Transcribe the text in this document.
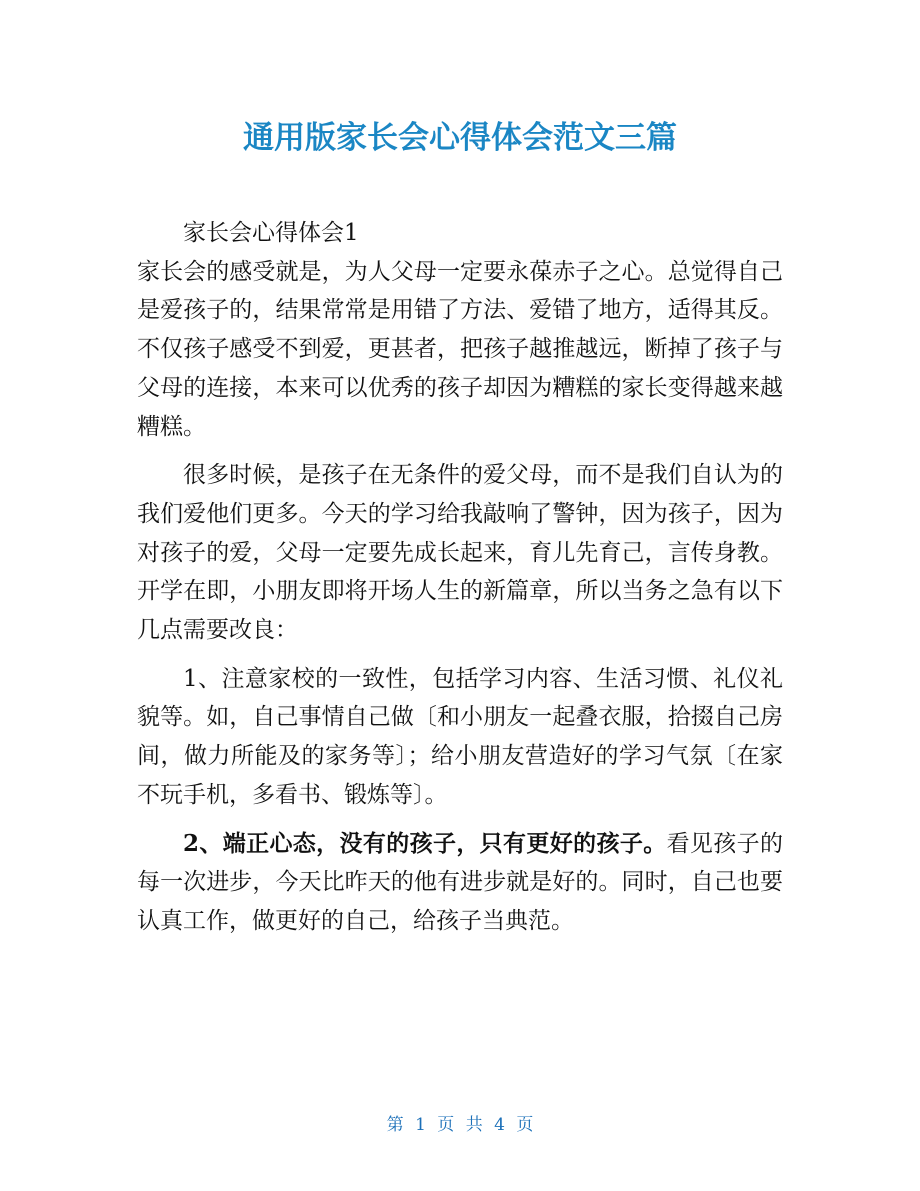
通用版家长会心得体会范文三篇

家长会心得体会1

家长会的感受就是，为人父母一定要永葆赤子之心。总觉得自己是爱孩子的，结果常常是用错了方法、爱错了地方，适得其反。不仅孩子感受不到爱，更甚者，把孩子越推越远，断掉了孩子与父母的连接，本来可以优秀的孩子却因为糟糕的家长变得越来越糟糕。

很多时候，是孩子在无条件的爱父母，而不是我们自认为的我们爱他们更多。今天的学习给我敲响了警钟，因为孩子，因为对孩子的爱，父母一定要先成长起来，育儿先育己，言传身教。开学在即，小朋友即将开场人生的新篇章，所以当务之急有以下几点需要改良：

1、注意家校的一致性，包括学习内容、生活习惯、礼仪礼貌等。如，自己事情自己做〔和小朋友一起叠衣服，拾掇自己房间，做力所能及的家务等〕；给小朋友营造好的学习气氛〔在家不玩手机，多看书、锻炼等〕。

2、端正心态，没有的孩子，只有更好的孩子。看见孩子的每一次进步，今天比昨天的他有进步就是好的。同时，自己也要认真工作，做更好的自己，给孩子当典范。

第 1 页 共 4 页
